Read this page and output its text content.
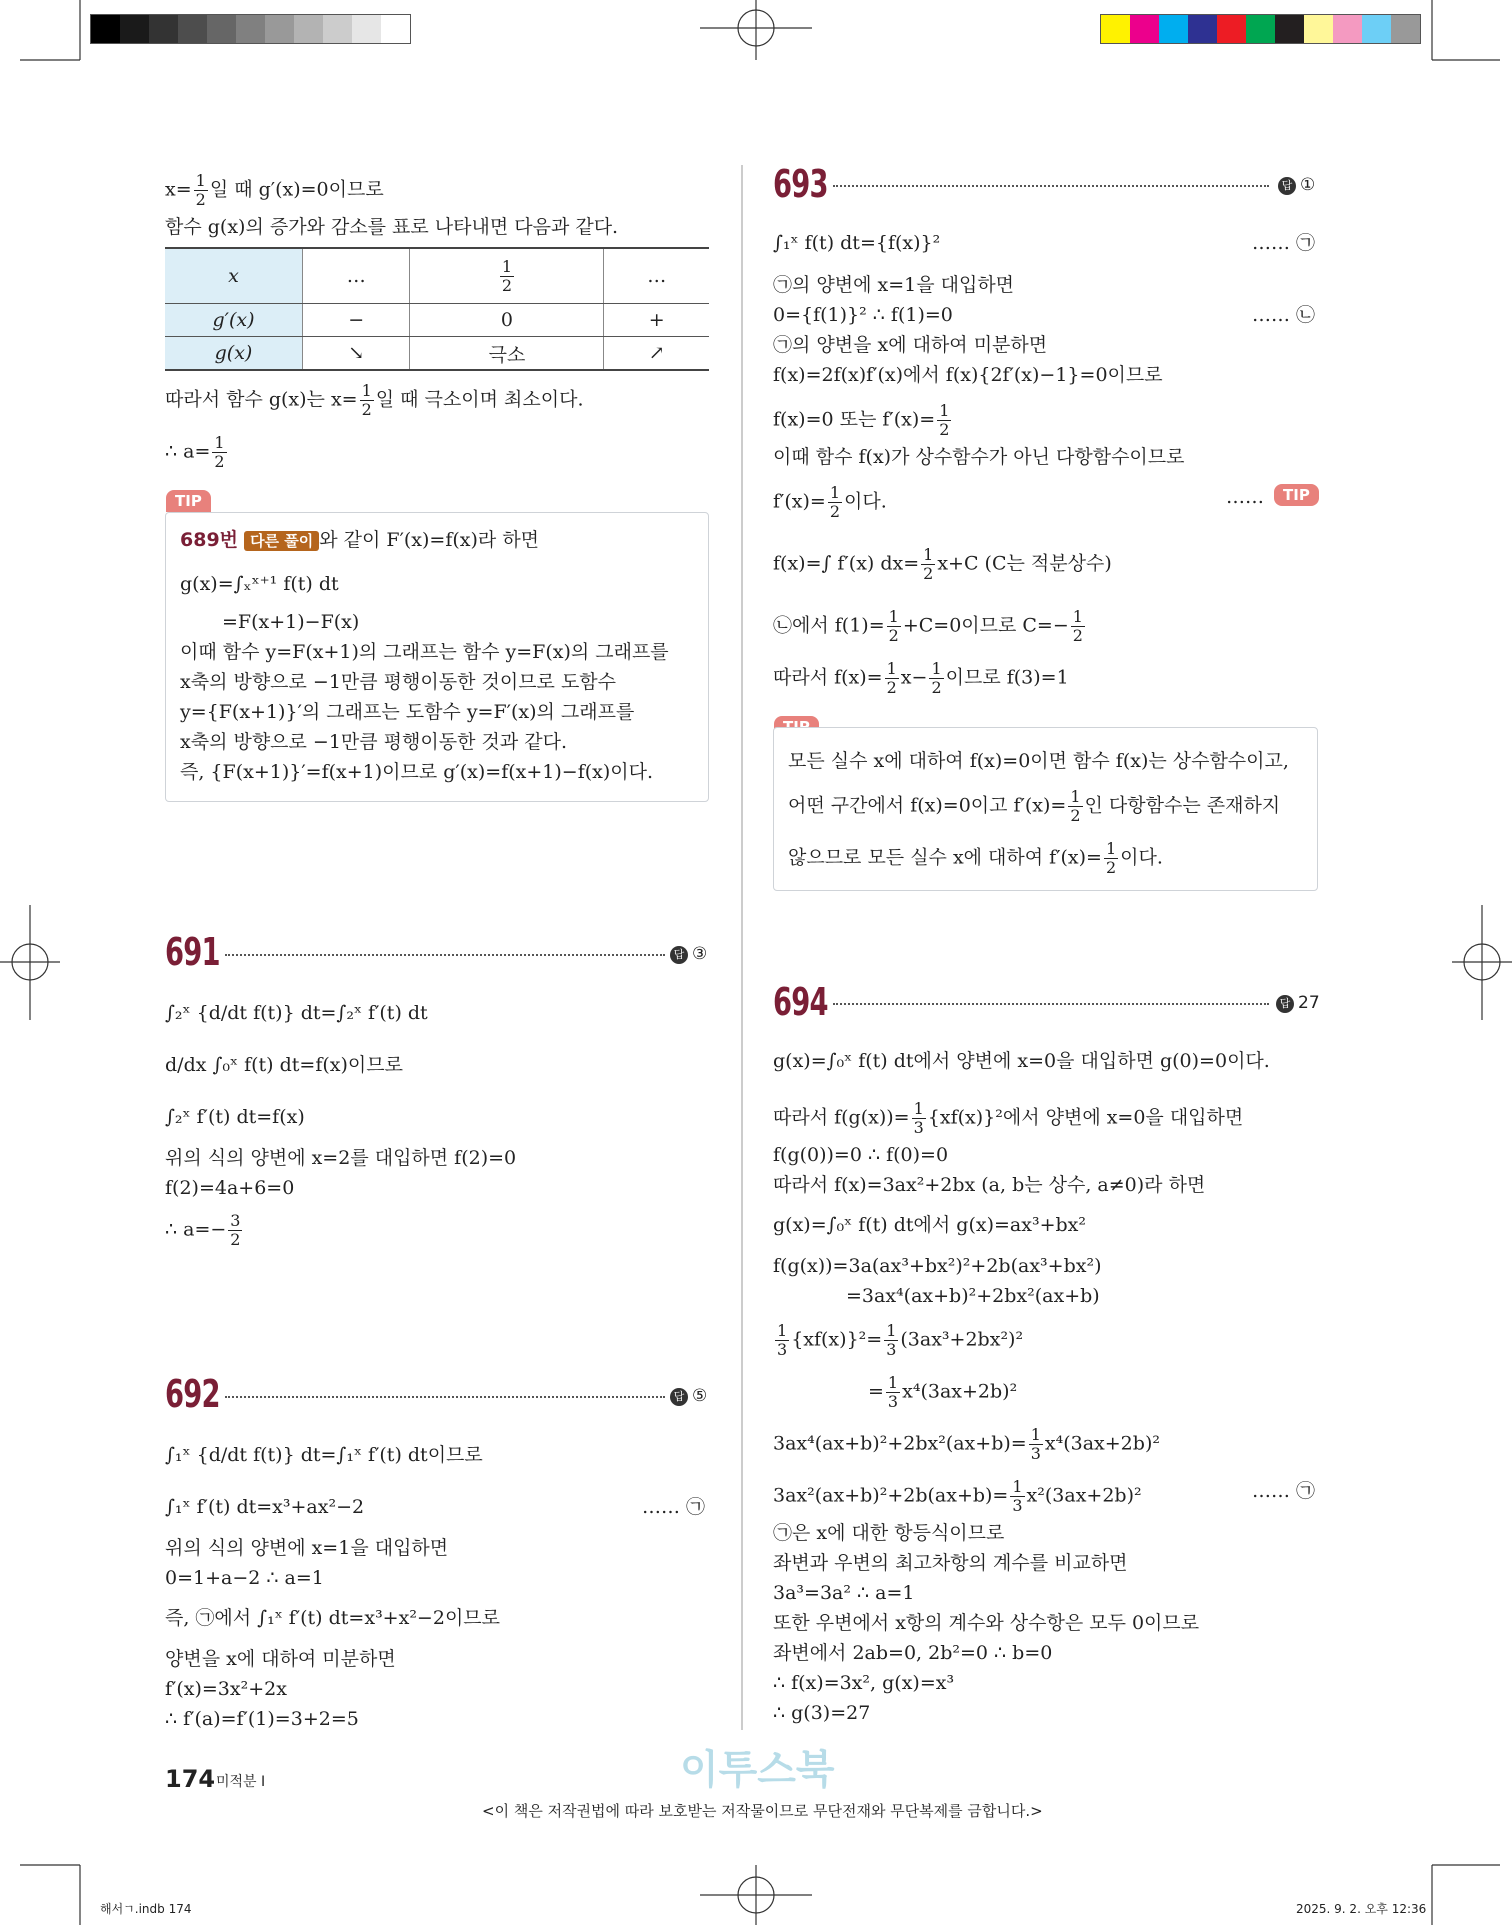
$x= \frac{1}{2}$ 일 때 g′(x)=0이므로
함수 g(x)의 증가와 감소를 표로 나타내면 다음과 같다.
x	…	$\frac{1}{2}$	…
g′(x)	−	0	+
g(x)	↘	극소	↗
따라서 함수 g(x)는 $x= \frac{1}{2}$ 일 때 극소이며 최소이다.
∴ $a= \frac{1}{2}$
TIP
689번 다른 풀이 와 같이 F′(x)=f(x)라 하면
g(x)=∫ₓˣ⁺¹ f(t) dt
=F(x+1)−F(x)
이때 함수 y=F(x+1)의 그래프는 함수 y=F(x)의 그래프를
x축의 방향으로 −1만큼 평행이동한 것이므로 도함수
y={F(x+1)}′의 그래프는 도함수 y=F′(x)의 그래프를
x축의 방향으로 −1만큼 평행이동한 것과 같다.
즉, {F(x+1)}′=f(x+1)이므로 g′(x)=f(x+1)−f(x)이다.
691	답 ③
∫₂ˣ {d/dt f(t)} dt=∫₂ˣ f′(t) dt
d/dx ∫₀ˣ f(t) dt=f(x)이므로
∫₂ˣ f′(t) dt=f(x)
위의 식의 양변에 x=2를 대입하면 f(2)=0
f(2)=4a+6=0
∴ $a=- \frac{3}{2}$
692	답 ⑤
∫₁ˣ {d/dt f(t)} dt=∫₁ˣ f′(t) dt이므로
∫₁ˣ f′(t) dt=x³+ax²−2	…… ㉠
위의 식의 양변에 x=1을 대입하면
0=1+a−2 ∴ a=1
즉, ㉠에서 ∫₁ˣ f′(t) dt=x³+x²−2이므로
양변을 x에 대하여 미분하면
f′(x)=3x²+2x
∴ f′(a)=f′(1)=3+2=5
693	답 ①
∫₁ˣ f(t) dt={f(x)}²	…… ㉠
㉠의 양변에 x=1을 대입하면
0={f(1)}² ∴ f(1)=0	…… ㉡
㉠의 양변을 x에 대하여 미분하면
f(x)=2f(x)f′(x)에서 f(x){2f′(x)−1}=0이므로
f(x)=0 또는 $f'(x)= \frac{1}{2}$
이때 함수 f(x)가 상수함수가 아닌 다항함수이므로
$f'(x)= \frac{1}{2}$ 이다.	……	TIP
f(x)=∫ f′(x) $dx= \frac{1}{2} x+C$ (C는 적분상수)
㉡에서 $f(1)= \frac{1}{2} +C=0$이므로 $C=- \frac{1}{2}$
따라서 $f(x)= \frac{1}{2} x- \frac{1}{2}$ 이므로 f(3)=1
모든 실수 x에 대하여 f(x)=0이면 함수 f(x)는 상수함수이고,
어떤 구간에서 f(x)=0이고 $f'(x)= \frac{1}{2}$ 인 다항함수는 존재하지
않으므로 모든 실수 x에 대하여 $f'(x)= \frac{1}{2}$ 이다.
694	답 27
g(x)=∫₀ˣ f(t) dt에서 양변에 x=0을 대입하면 g(0)=0이다.
따라서 $f(g(x))= \frac{1}{3} \{xf(x)\}^2$에서 양변에 x=0을 대입하면
f(g(0))=0 ∴ f(0)=0
따라서 f(x)=3ax²+2bx (a, b는 상수, a≠0)라 하면
g(x)=∫₀ˣ f(t) dt에서 g(x)=ax³+bx²
f(g(x))=3a(ax³+bx²)²+2b(ax³+bx²)
=3ax⁴(ax+b)²+2bx²(ax+b)
$\frac{1}{3} \{xf(x)\}^2= \frac{1}{3} (3ax^3+2bx^2)^2$
= $\frac{1}{3} x^4(3ax+2b)^2$
$3ax^4(ax+b)^2+2bx^2(ax+b)= \frac{1}{3} x^4(3ax+2b)^2$
$3ax^2(ax+b)^2+2b(ax+b)= \frac{1}{3} x^2(3ax+2b)^2$	…… ㉠
㉠은 x에 대한 항등식이므로
좌변과 우변의 최고차항의 계수를 비교하면
3a³=3a² ∴ a=1
또한 우변에서 x항의 계수와 상수항은 모두 0이므로
좌변에서 2ab=0, 2b²=0 ∴ b=0
∴ f(x)=3x², g(x)=x³
∴ g(3)=27
174 미적분 I	이투스북
<이 책은 저작권법에 따라 보호받는 저작물이므로 무단전재와 무단복제를 금합니다.>
해서ㄱ.indb 174	2025. 9. 2. 오후 12:36
